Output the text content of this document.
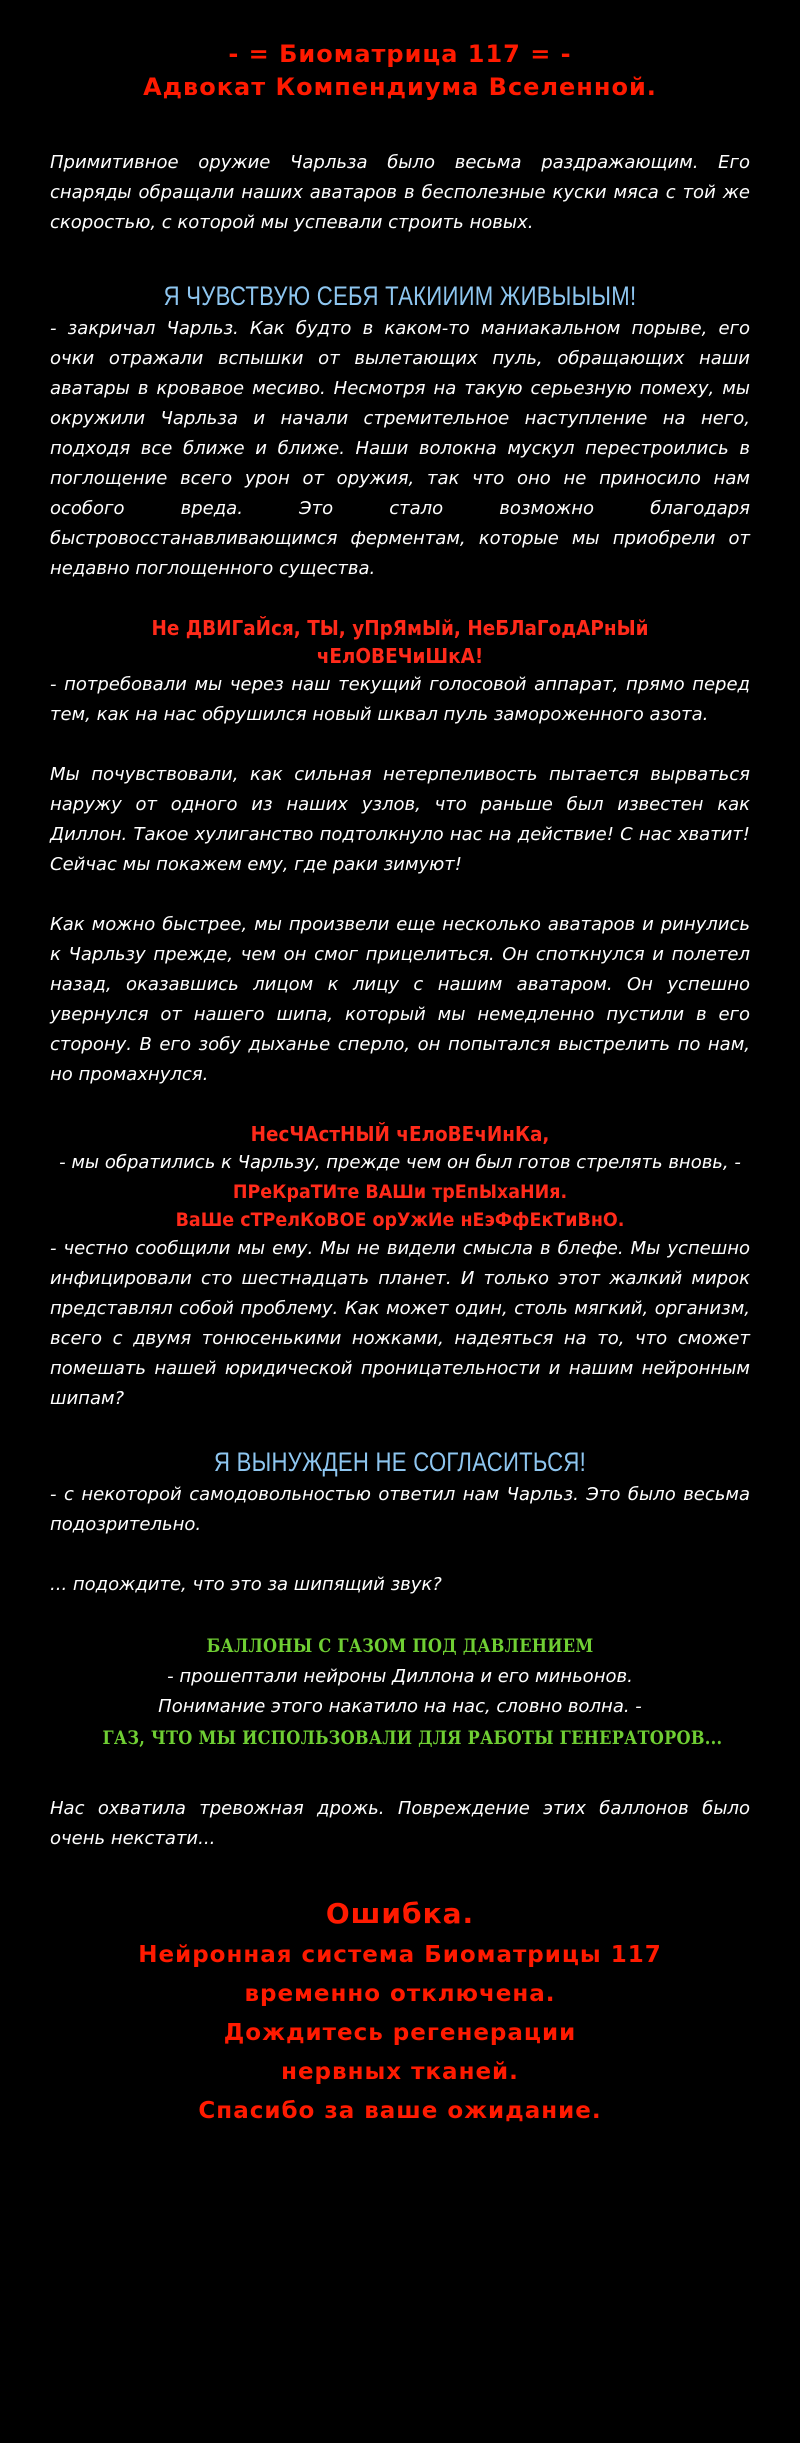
- = Биоматрица 117 = -
Адвокат Компендиума Вселенной.

Примитивное оружие Чарльза было весьма раздражающим. Его снаряды обращали наших аватаров в бесполезные куски мяса с той же скоростью, с которой мы успевали строить новых.

Я ЧУВСТВУЮ СЕБЯ ТАКИИИМ ЖИВЫЫЫМ!

- закричал Чарльз. Как будто в каком-то маниакальном порыве, его очки отражали вспышки от вылетающих пуль, обращающих наши аватары в кровавое месиво. Несмотря на такую серьезную помеху, мы окружили Чарльза и начали стремительное наступление на него, подходя все ближе и ближе. Наши волокна мускул перестроились в поглощение всего урон от оружия, так что оно не приносило нам особого вреда. Это стало возможно благодаря быстровосстанавливающимся ферментам, которые мы приобрели от недавно поглощенного существа.

Не ДВИГаЙся, ТЫ, уПрЯмЫй, НеБЛаГодАРнЫй
чЕлОВЕЧиШкА!

- потребовали мы через наш текущий голосовой аппарат, прямо перед тем, как на нас обрушился новый шквал пуль замороженного азота.

Мы почувствовали, как сильная нетерпеливость пытается вырваться наружу от одного из наших узлов, что раньше был известен как Диллон. Такое хулиганство подтолкнуло нас на действие! С нас хватит! Сейчас мы покажем ему, где раки зимуют!

Как можно быстрее, мы произвели еще несколько аватаров и ринулись к Чарльзу прежде, чем он смог прицелиться. Он споткнулся и полетел назад, оказавшись лицом к лицу с нашим аватаром. Он успешно увернулся от нашего шипа, который мы немедленно пустили в его сторону. В его зобу дыханье сперло, он попытался выстрелить по нам, но промахнулся.

НесЧАстНЫЙ чЕлоВЕчИнКа,

- мы обратились к Чарльзу, прежде чем он был готов стрелять вновь, -

ПРеКраТИте ВАШи трЕпЫхаНИя.
ВаШе сТРелКоВОЕ орУжИе нЕэФфЕкТиВнО.

- честно сообщили мы ему. Мы не видели смысла в блефе. Мы успешно инфицировали сто шестнадцать планет. И только этот жалкий мирок представлял собой проблему. Как может один, столь мягкий, организм, всего с двумя тонюсенькими ножками, надеяться на то, что сможет помешать нашей юридической проницательности и нашим нейронным шипам?

Я ВЫНУЖДЕН НЕ СОГЛАСИТЬСЯ!

- с некоторой самодовольностью ответил нам Чарльз. Это было весьма подозрительно.

... подождите, что это за шипящий звук?

БАЛЛОНЫ С ГАЗОМ ПОД ДАВЛЕНИЕМ

- прошептали нейроны Диллона и его миньонов.

Понимание этого накатило на нас, словно волна. -

ГАЗ, ЧТО МЫ ИСПОЛЬЗОВАЛИ ДЛЯ РАБОТЫ ГЕНЕРАТОРОВ...

Нас охватила тревожная дрожь. Повреждение этих баллонов было очень некстати...

Ошибка.
Нейронная система Биоматрицы 117
временно отключена.
Дождитесь регенерации
нервных тканей.
Спасибо за ваше ожидание.
